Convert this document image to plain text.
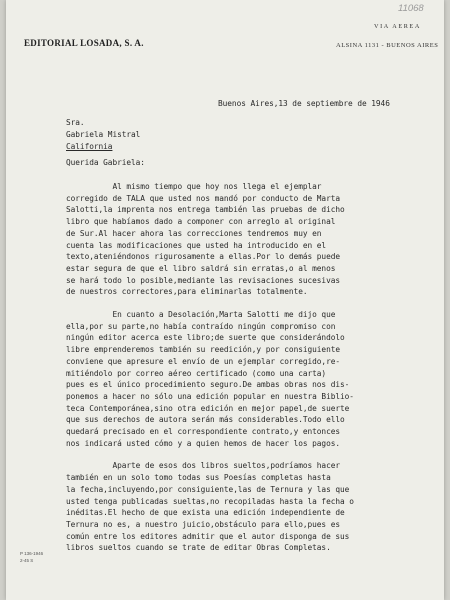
11068
VIA AEREA
EDITORIAL LOSADA, S. A.	ALSINA 1131 - BUENOS AIRES
Buenos Aires,13 de septiembre de 1946
Sra.
Gabriela Mistral
California
Querida Gabriela:
Al mismo tiempo que hoy nos llega el ejemplar
corregido de TALA que usted nos mandó por conducto de Marta
Salotti,la imprenta nos entrega también las pruebas de dicho
libro que habíamos dado a componer con arreglo al original
de Sur.Al hacer ahora las correcciones tendremos muy en
cuenta las modificaciones que usted ha introducido en el
texto,ateniéndonos rigurosamente a ellas.Por lo demás puede
estar segura de que el libro saldrá sin erratas,o al menos
se hará todo lo posible,mediante las revisaciones sucesivas
de nuestros correctores,para eliminarlas totalmente.
En cuanto a Desolación,Marta Salotti me dijo que
ella,por su parte,no había contraído ningún compromiso con
ningún editor acerca este libro;de suerte que considerándolo
libre emprenderemos también su reedición,y por consiguiente
conviene que apresure el envío de un ejemplar corregido,re-
mitiéndolo por correo aéreo certificado (como una carta)
pues es el único procedimiento seguro.De ambas obras nos dis-
ponemos a hacer no sólo una edición popular en nuestra Biblio-
teca Contemporánea,sino otra edición en mejor papel,de suerte
que sus derechos de autora serán más considerables.Todo ello
quedará precisado en el correspondiente contrato,y entonces
nos indicará usted cómo y a quien hemos de hacer los pagos.
Aparte de esos dos libros sueltos,podríamos hacer
también en un solo tomo todas sus Poesías completas hasta
la fecha,incluyendo,por consiguiente,las de Ternura y las que
usted tenga publicadas sueltas,no recopiladas hasta la fecha o
inéditas.El hecho de que exista una edición independiente de
Ternura no es, a nuestro juicio,obstáculo para ello,pues es
común entre los editores admitir que el autor disponga de sus
libros sueltos cuando se trate de editar Obras Completas.
P 136-1946
2-45 S
